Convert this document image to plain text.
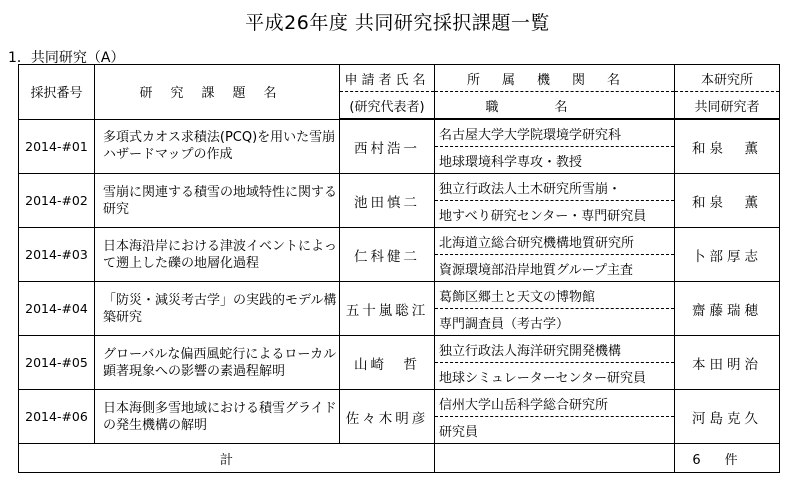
平成26年度 共同研究採択課題一覧
1．共同研究（A）
採択番号	研究課題名	申請者氏名	所属機関名	本研究所
		(研究代表者)	職名	共同研究者
2014-#01	多項式カオス求積法(PCQ)を用いた雪崩ハザードマップの作成	西村浩一	名古屋大学大学院環境学研究科	和泉　薫
			地球環境科学専攻・教授	
2014-#02	雪崩に関連する積雪の地域特性に関する研究	池田慎二	独立行政法人土木研究所雪崩・	和泉　薫
			地すべり研究センター・専門研究員	
2014-#03	日本海沿岸における津波イベントによって遡上した礫の地層化過程	仁科健二	北海道立総合研究機構地質研究所	卜部厚志
			資源環境部沿岸地質グループ主査	
2014-#04	「防災・減災考古学」の実践的モデル構築研究	五十嵐聡江	葛飾区郷土と天文の博物館	齋藤瑞穂
			専門調査員（考古学）	
2014-#05	グローバルな偏西風蛇行によるローカル顕著現象への影響の素過程解明	山崎　哲	独立行政法人海洋研究開発機構	本田明治
			地球シミュレーターセンター研究員	
2014-#06	日本海側多雪地域における積雪グライドの発生機構の解明	佐々木明彦	信州大学山岳科学総合研究所	河島克久
			研究員	
計				6件
